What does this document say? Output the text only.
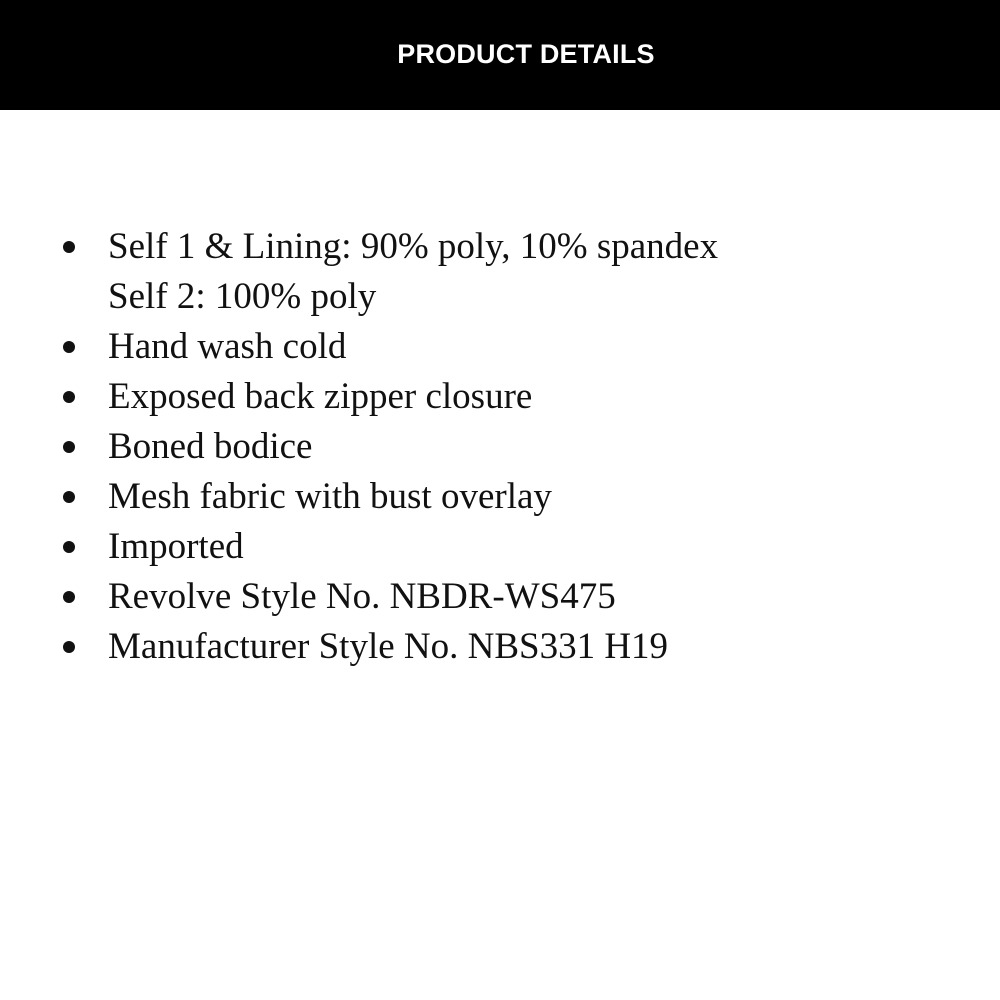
PRODUCT DETAILS
Self 1 & Lining: 90% poly, 10% spandex
Self 2: 100% poly
Hand wash cold
Exposed back zipper closure
Boned bodice
Mesh fabric with bust overlay
Imported
Revolve Style No. NBDR-WS475
Manufacturer Style No. NBS331 H19
